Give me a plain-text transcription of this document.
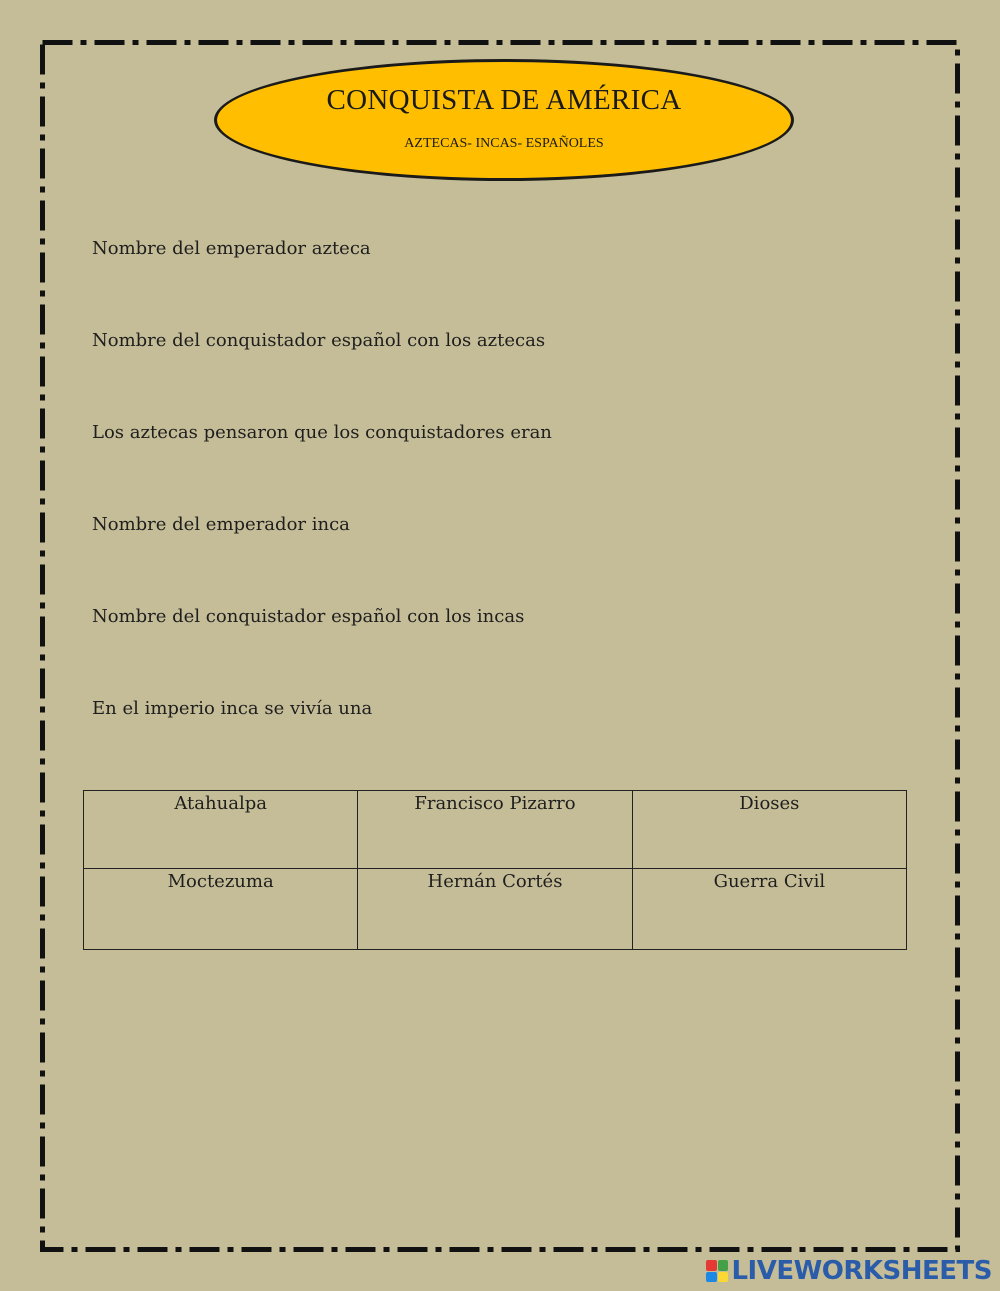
CONQUISTA DE AMÉRICA
AZTECAS- INCAS- ESPAÑOLES
Nombre del emperador azteca
Nombre del conquistador español con los aztecas
Los aztecas pensaron que los conquistadores eran
Nombre del emperador inca
Nombre del conquistador español con los incas
En el imperio inca se vivía una
Atahualpa	Francisco Pizarro	Dioses
Moctezuma	Hernán Cortés	Guerra Civil
LIVEWORKSHEETS
